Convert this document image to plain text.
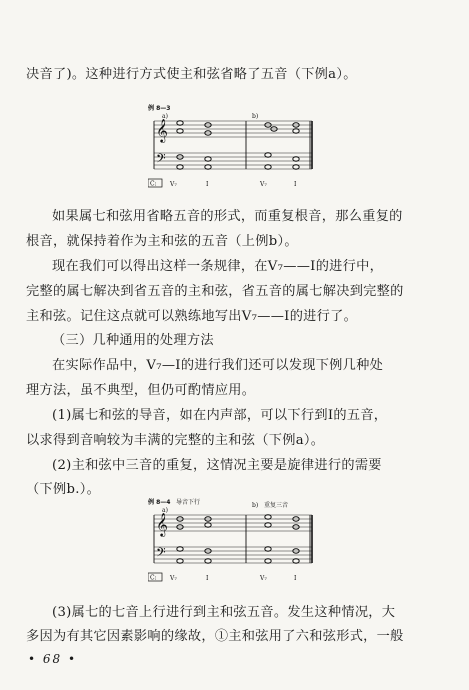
决音了)。这种进行方式使主和弦省略了五音（下例a）。
例 8—3
a)	b)
𝄞
𝄢
C: Ⅴ₇	Ⅰ	Ⅴ₇	Ⅰ
如果属七和弦用省略五音的形式，而重复根音，那么重复的
根音，就保持着作为主和弦的五音（上例b）。
现在我们可以得出这样一条规律，在Ⅴ₇——Ⅰ的进行中，
完整的属七解决到省五音的主和弦，省五音的属七解决到完整的
主和弦。记住这点就可以熟练地写出Ⅴ₇——Ⅰ的进行了。
（三）几种通用的处理方法
在实际作品中，Ⅴ₇—Ⅰ的进行我们还可以发现下例几种处
理方法，虽不典型，但仍可酌情应用。
(1)属七和弦的导音，如在内声部，可以下行到Ⅰ的五音，
以求得到音响较为丰满的完整的主和弦（下例a）。
(2)主和弦中三音的重复，这情况主要是旋律进行的需要
（下例b.）。
例 8—4 导音下行	b) 重复三音
a)
𝄞
𝄢
C: Ⅴ₇	Ⅰ	Ⅴ₇	Ⅰ
(3)属七的七音上行进行到主和弦五音。发生这种情况，大
多因为有其它因素影响的缘故，①主和弦用了六和弦形式，一般
• 68 •
